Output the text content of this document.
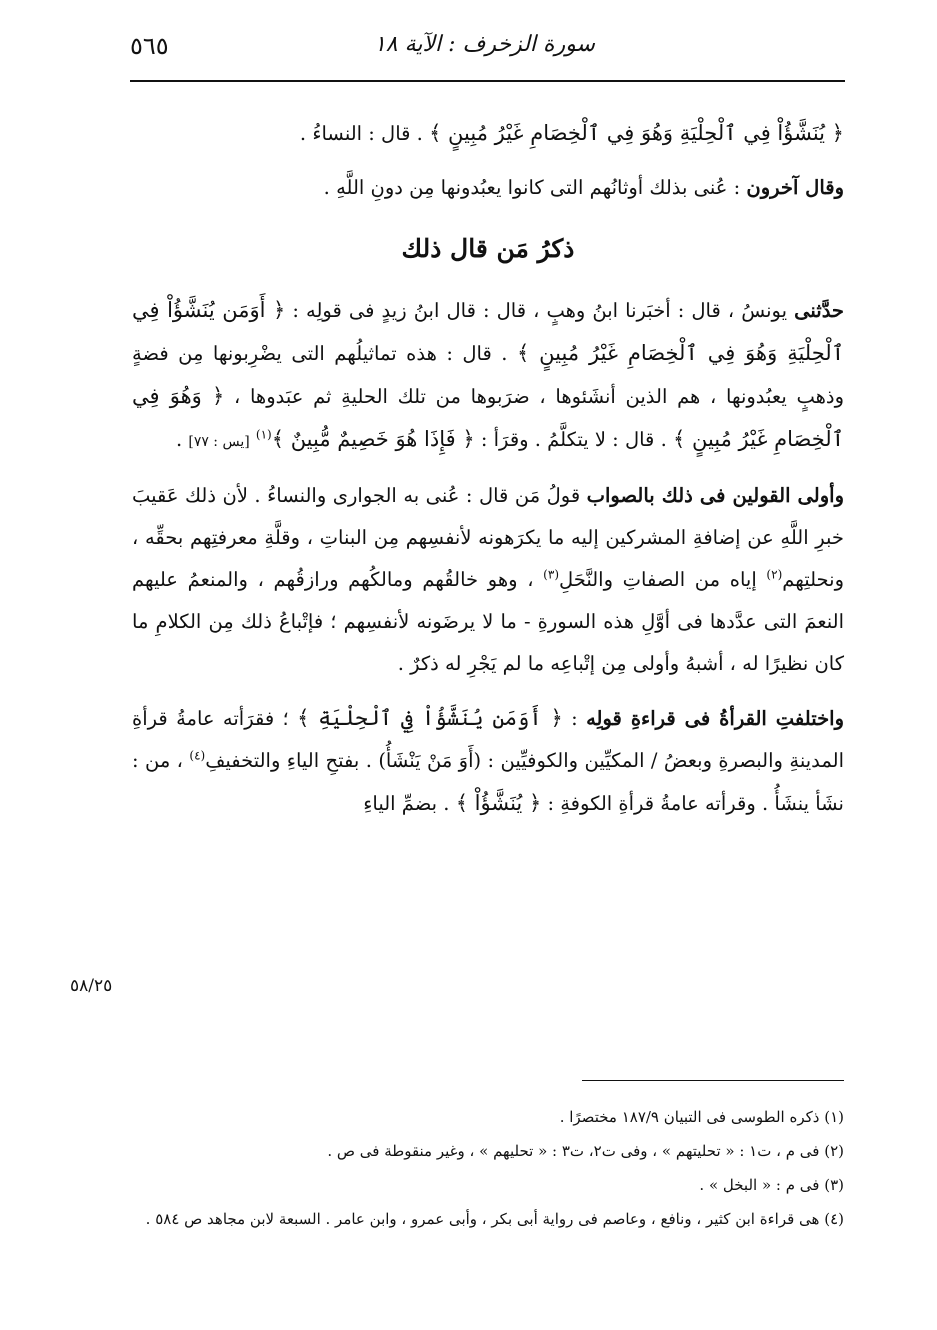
سورة الزخرف : الآية ١٨
٥٦٥

﴿ يُنَشَّؤُاْ فِي ٱلْحِلْيَةِ وَهُوَ فِي ٱلْخِصَامِ غَيْرُ مُبِينٍ ﴾ . قال : النساءُ .

وقال آخرون : عُنى بذلك أوثانُهم التى كانوا يعبُدونها مِن دونِ اللَّهِ .

ذكرُ مَن قال ذلك

حدَّثنى يونسُ ، قال : أخبَرنا ابنُ وهبٍ ، قال : قال ابنُ زيدٍ فى قولِه : ﴿ أَوَمَن يُنَشَّؤُاْ فِي ٱلْحِلْيَةِ وَهُوَ فِي ٱلْخِصَامِ غَيْرُ مُبِينٍ ﴾ . قال : هذه تماثيلُهم التى يضْرِبونها مِن فضةٍ وذهبٍ يعبُدونها ، هم الذين أنشَئوها ، ضرَبوها من تلك الحليةِ ثم عبَدوها ، ﴿ وَهُوَ فِي ٱلْخِصَامِ غَيْرُ مُبِينٍ ﴾ . قال : لا يتكلَّمُ . وقرَأ : ﴿ فَإِذَا هُوَ خَصِيمٌ مُّبِينٌ ﴾$^{(١)}$ [يس : ٧٧] .

وأولى القولين فى ذلك بالصواب قولُ مَن قال : عُنى به الجوارى والنساءُ . لأن ذلك عَقيبَ خبرِ اللَّهِ عن إضافةِ المشركين إليه ما يكرَهونه لأنفسِهم مِن البناتِ ، وقلَّةِ معرفتِهم بحقِّه ، ونحلتِهم$^{(٢)}$ إياه من الصفاتِ والنَّحَلِ$^{(٣)}$ ، وهو خالقُهم ومالكُهم ورازقُهم ، والمنعمُ عليهم النعمَ التى عدَّدها فى أوَّلِ هذه السورةِ - ما لا يرضَونه لأنفسِهم ؛ فإتْباعُ ذلك مِن الكلامِ ما كان نظيرًا له ، أشبهُ وأولى مِن إتْباعِه ما لم يَجْرِ له ذكرٌ .

واختلفتِ القرأةُ فى قراءةِ قولِه : ﴿ أَوَمَن يُنَشَّؤُاْ فِي ٱلْحِلْيَةِ ﴾ ؛ فقرَأته عامةُ قرأةِ المدينةِ والبصرةِ وبعضُ / المكيِّين والكوفيِّين : (أَوَ مَنْ يَنْشَأُ) . بفتحِ الياءِ والتخفيفِ$^{(٤)}$ ، من : نشَأ ينشَأُ . وقرأته عامةُ قرأةِ الكوفةِ : ﴿ يُنَشَّؤُاْ ﴾ . بضمِّ الياءِ

٥٨/٢٥
(١) ذكره الطوسى فى التبيان ١٨٧/٩ مختصرًا .
(٢) فى م ، ت١ : « تحليتهم » ، وفى ت٢، ت٣ : « تحليهم » ، وغير منقوطة فى ص .
(٣) فى م : « البخل » .
(٤) هى قراءة ابن كثير ، ونافع ، وعاصم فى رواية أبى بكر ، وأبى عمرو ، وابن عامر . السبعة لابن مجاهد ص ٥٨٤ .
